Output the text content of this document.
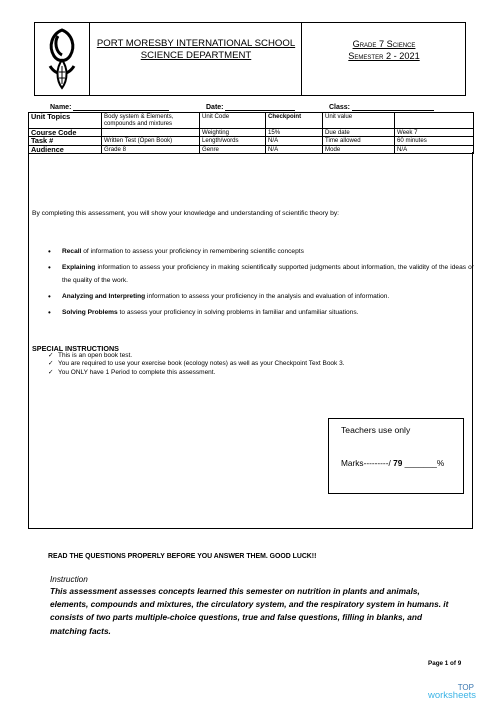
PORT MORESBY INTERNATIONAL SCHOOL
SCIENCE DEPARTMENT
Grade 7 Science
Semester 2 - 2021
Name:	Date:	Class:
Unit Topics	Body system & Elements, compounds and mixtures	Unit Code	Checkpoint	Unit value	
Course Code		Weighting	15%	Due date	Week 7
Task #	Written Test (Open Book)	Length/words	N/A	Time allowed	60 minutes
Audience	Grade 8	Genre	N/A	Mode	N/A
By completing this assessment, you will show your knowledge and understanding of scientific theory by:
• Recall of information to assess your proficiency in remembering scientific concepts
• Explaining information to assess your proficiency in making scientifically supported judgments about information, the validity of the ideas or the quality of the work.
• Analyzing and Interpreting information to assess your proficiency in the analysis and evaluation of information.
• Solving Problems to assess your proficiency in solving problems in familiar and unfamiliar situations.
SPECIAL INSTRUCTIONS
✓ This is an open book test.
✓ You are required to use your exercise book (ecology notes) as well as your Checkpoint Text Book 3.
✓ You ONLY have 1 Period to complete this assessment.
Teachers use only
Marks---------/ 79 _______%
READ THE QUESTIONS PROPERLY BEFORE YOU ANSWER THEM. GOOD LUCK!!
Instruction
This assessment assesses concepts learned this semester on nutrition in plants and animals, elements, compounds and mixtures, the circulatory system, and the respiratory system in humans. it consists of two parts multiple-choice questions, true and false questions, filling in blanks, and matching facts.
Page 1 of 9
TOP
worksheets
